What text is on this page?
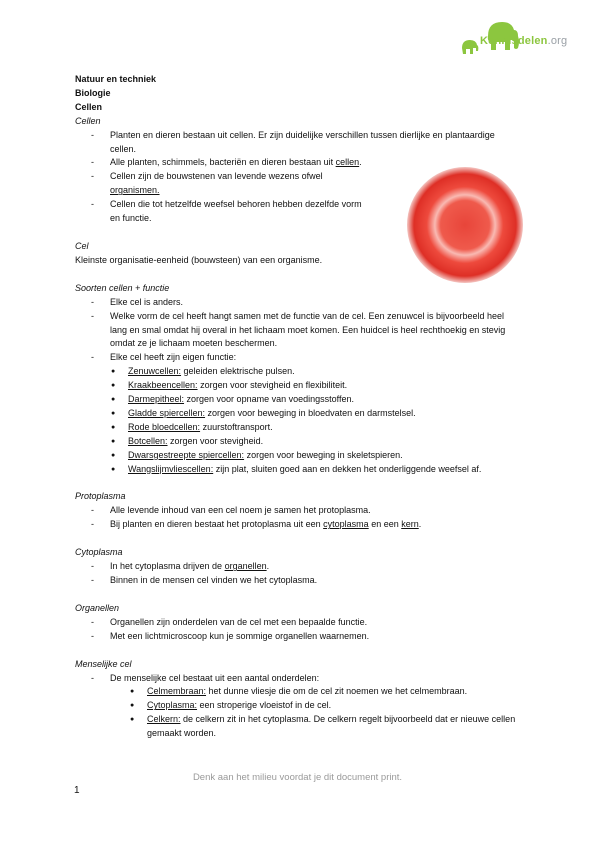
Kennisdelen.org
Natuur en techniek
Biologie
Cellen
Cellen
- Planten en dieren bestaan uit cellen. Er zijn duidelijke verschillen tussen dierlijke en plantaardige cellen.
- Alle planten, schimmels, bacteriën en dieren bestaan uit cellen.
- Cellen zijn de bouwstenen van levende wezens ofwel organismen.
- Cellen die tot hetzelfde weefsel behoren hebben dezelfde vorm en functie.
Cel
Kleinste organisatie-eenheid (bouwsteen) van een organisme.
Soorten cellen + functie
- Elke cel is anders.
- Welke vorm de cel heeft hangt samen met de functie van de cel. Een zenuwcel is bijvoorbeeld heel lang en smal omdat hij overal in het lichaam moet komen. Een huidcel is heel rechthoekig en stevig omdat ze je lichaam moeten beschermen.
- Elke cel heeft zijn eigen functie:
● Zenuwcellen: geleiden elektrische pulsen.
● Kraakbeencellen: zorgen voor stevigheid en flexibiliteit.
● Darmepitheel: zorgen voor opname van voedingsstoffen.
● Gladde spiercellen: zorgen voor beweging in bloedvaten en darmstelsel.
● Rode bloedcellen: zuurstoftransport.
● Botcellen: zorgen voor stevigheid.
● Dwarsgestreepte spiercellen: zorgen voor beweging in skeletspieren.
● Wangslijmvliescellen: zijn plat, sluiten goed aan en dekken het onderliggende weefsel af.
Protoplasma
- Alle levende inhoud van een cel noem je samen het protoplasma.
- Bij planten en dieren bestaat het protoplasma uit een cytoplasma en een kern.
Cytoplasma
- In het cytoplasma drijven de organellen.
- Binnen in de mensen cel vinden we het cytoplasma.
Organellen
- Organellen zijn onderdelen van de cel met een bepaalde functie.
- Met een lichtmicroscoop kun je sommige organellen waarnemen.
Menselijke cel
- De menselijke cel bestaat uit een aantal onderdelen:
● Celmembraan: het dunne vliesje die om de cel zit noemen we het celmembraan.
● Cytoplasma: een stroperige vloeistof in de cel.
● Celkern: de celkern zit in het cytoplasma. De celkern regelt bijvoorbeeld dat er nieuwe cellen gemaakt worden.
Denk aan het milieu voordat je dit document print.
1
